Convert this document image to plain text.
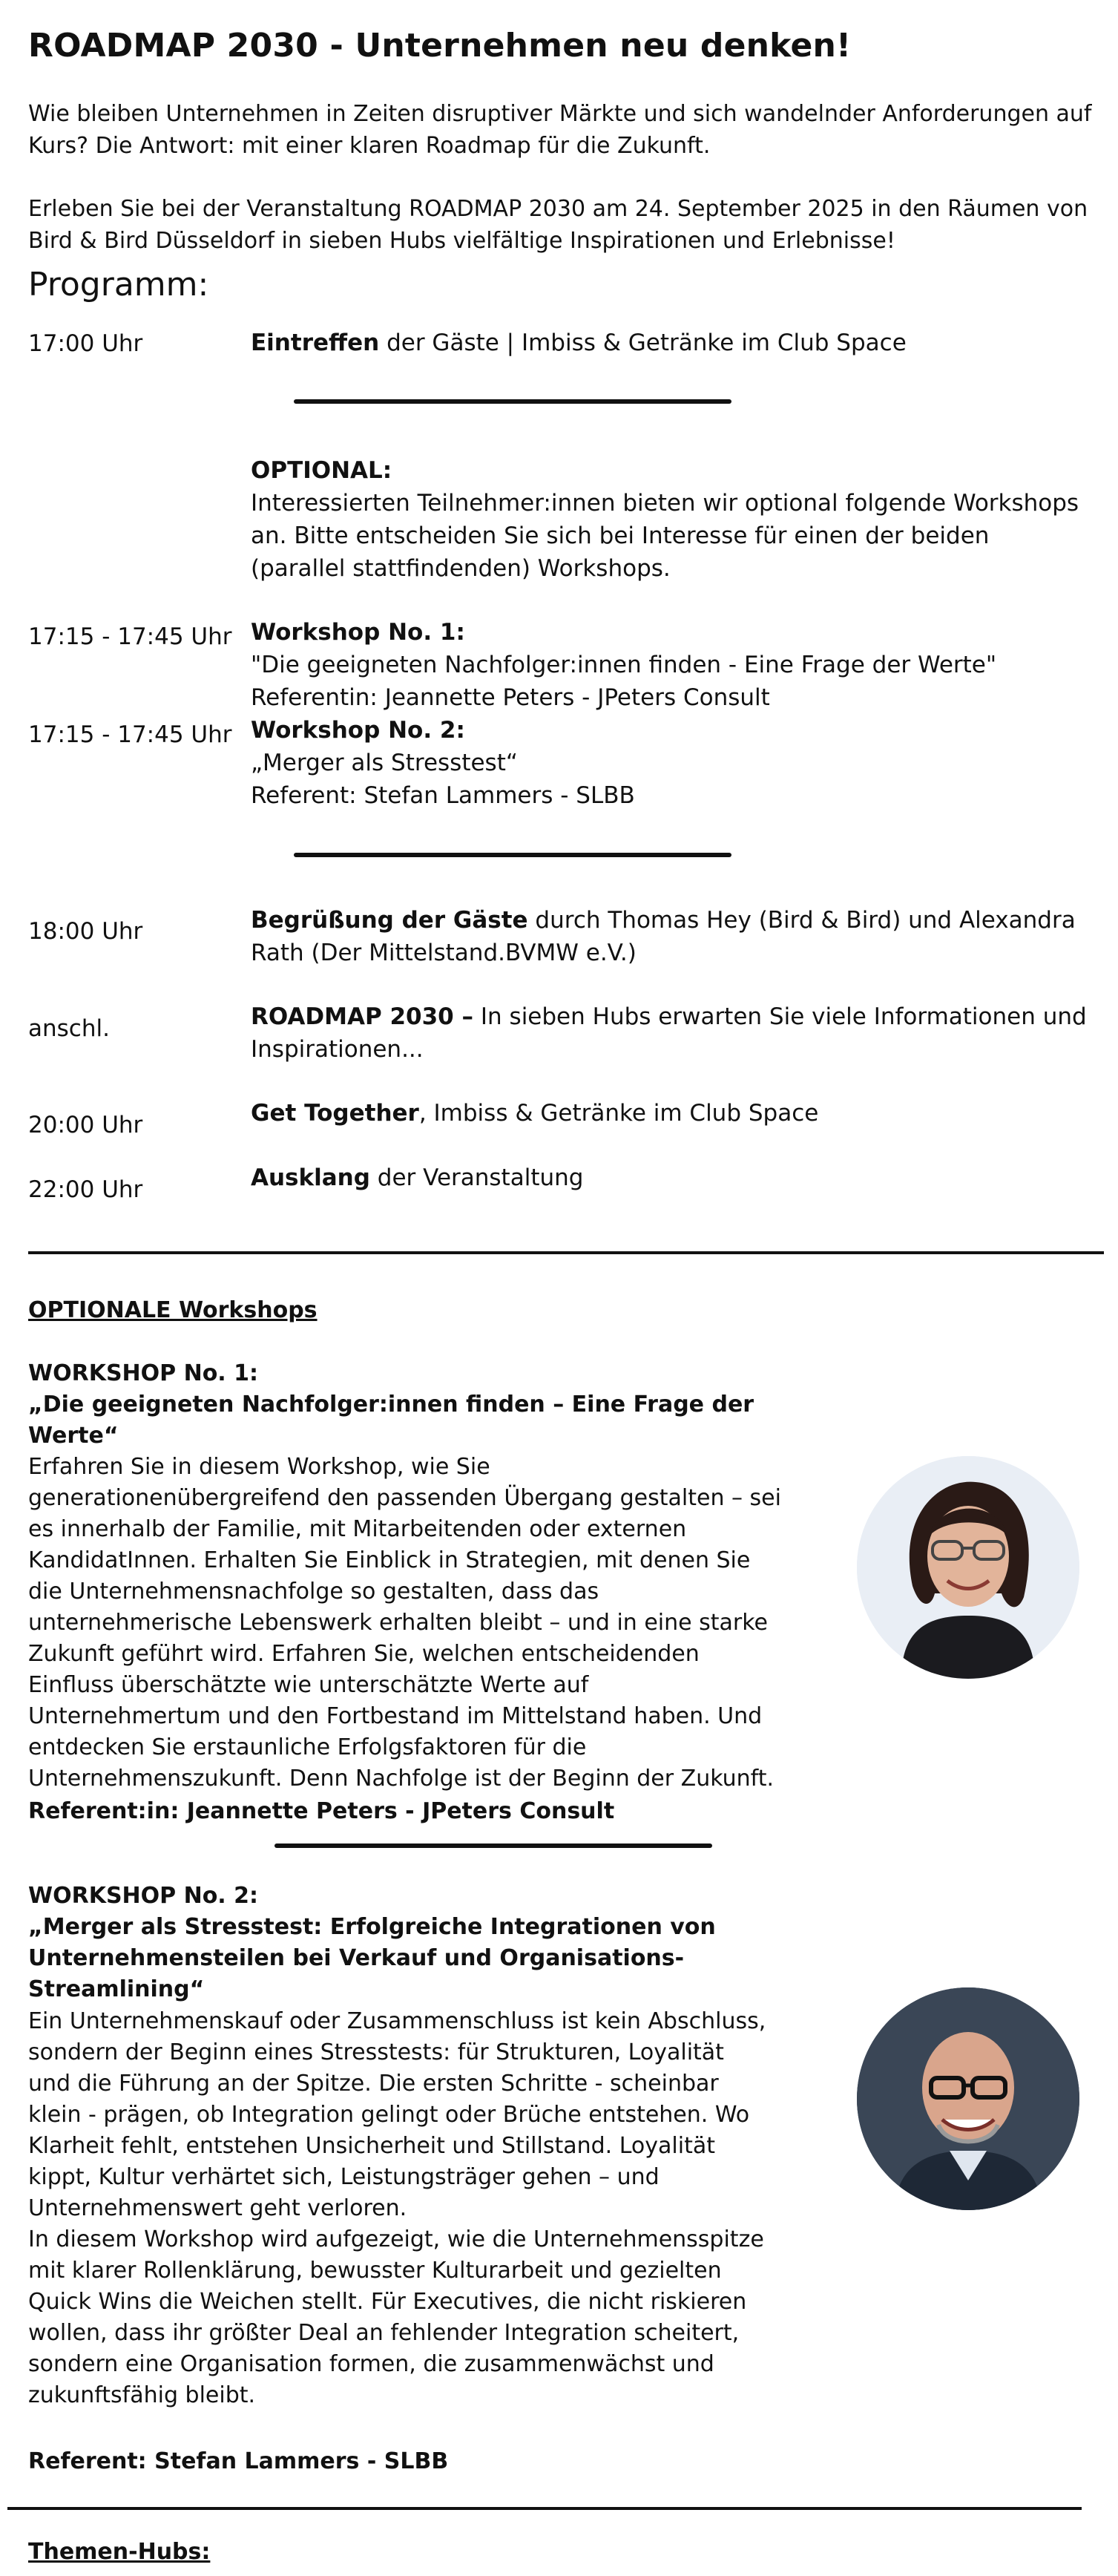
ROADMAP 2030 - Unternehmen neu denken!
Wie bleiben Unternehmen in Zeiten disruptiver Märkte und sich wandelnder Anforderungen auf Kurs? Die Antwort: mit einer klaren Roadmap für die Zukunft.
Erleben Sie bei der Veranstaltung ROADMAP 2030 am 24. September 2025 in den Räumen von Bird & Bird Düsseldorf in sieben Hubs vielfältige Inspirationen und Erlebnisse!
Programm:
17:00 Uhr	Eintreffen der Gäste | Imbiss & Getränke im Club Space
OPTIONAL:
Interessierten Teilnehmer:innen bieten wir optional folgende Workshops an. Bitte entscheiden Sie sich bei Interesse für einen der beiden (parallel stattfindenden) Workshops.
17:15 - 17:45 Uhr Workshop No. 1:
"Die geeigneten Nachfolger:innen finden - Eine Frage der Werte"
Referentin: Jeannette Peters - JPeters Consult
17:15 - 17:45 Uhr Workshop No. 2:
„Merger als Stresstest“
Referent: Stefan Lammers - SLBB
18:00 Uhr	Begrüßung der Gäste durch Thomas Hey (Bird & Bird) und Alexandra Rath (Der Mittelstand.BVMW e.V.)
anschl.	ROADMAP 2030 – In sieben Hubs erwarten Sie viele Informationen und Inspirationen...
20:00 Uhr	Get Together, Imbiss & Getränke im Club Space
22:00 Uhr	Ausklang der Veranstaltung
OPTIONALE Workshops
WORKSHOP No. 1:
„Die geeigneten Nachfolger:innen finden – Eine Frage der Werte“
Erfahren Sie in diesem Workshop, wie Sie generationenübergreifend den passenden Übergang gestalten – sei es innerhalb der Familie, mit Mitarbeitenden oder externen KandidatInnen. Erhalten Sie Einblick in Strategien, mit denen Sie die Unternehmensnachfolge so gestalten, dass das unternehmerische Lebenswerk erhalten bleibt – und in eine starke Zukunft geführt wird. Erfahren Sie, welchen entscheidenden Einfluss überschätzte wie unterschätzte Werte auf Unternehmertum und den Fortbestand im Mittelstand haben. Und entdecken Sie erstaunliche Erfolgsfaktoren für die Unternehmenszukunft. Denn Nachfolge ist der Beginn der Zukunft.
Referent:in: Jeannette Peters - JPeters Consult
WORKSHOP No. 2:
„Merger als Stresstest: Erfolgreiche Integrationen von Unternehmensteilen bei Verkauf und Organisations-Streamlining“
Ein Unternehmenskauf oder Zusammenschluss ist kein Abschluss, sondern der Beginn eines Stresstests: für Strukturen, Loyalität und die Führung an der Spitze. Die ersten Schritte - scheinbar klein - prägen, ob Integration gelingt oder Brüche entstehen. Wo Klarheit fehlt, entstehen Unsicherheit und Stillstand. Loyalität kippt, Kultur verhärtet sich, Leistungsträger gehen – und Unternehmenswert geht verloren.
In diesem Workshop wird aufgezeigt, wie die Unternehmensspitze mit klarer Rollenklärung, bewusster Kulturarbeit und gezielten Quick Wins die Weichen stellt. Für Executives, die nicht riskieren wollen, dass ihr größter Deal an fehlender Integration scheitert, sondern eine Organisation formen, die zusammenwächst und zukunftsfähig bleibt.
Referent: Stefan Lammers - SLBB
Themen-Hubs:
